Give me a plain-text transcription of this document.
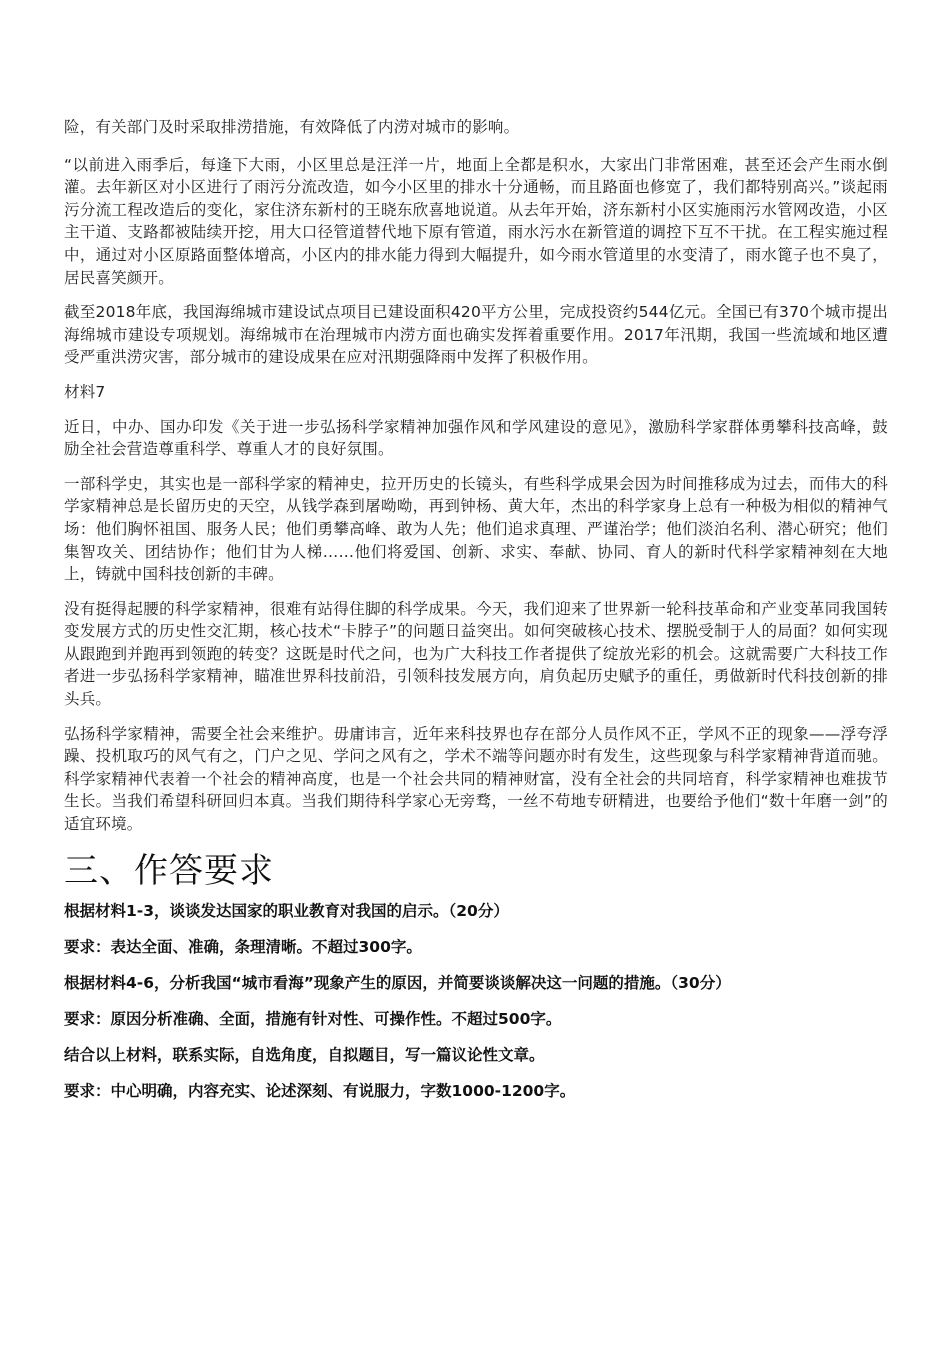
险，有关部门及时采取排涝措施，有效降低了内涝对城市的影响。

“以前进入雨季后，每逢下大雨，小区里总是汪洋一片，地面上全都是积水，大家出门非常困难，甚至还会产生雨水倒灌。去年新区对小区进行了雨污分流改造，如今小区里的排水十分通畅，而且路面也修宽了，我们都特别高兴。”谈起雨污分流工程改造后的变化，家住济东新村的王晓东欣喜地说道。从去年开始，济东新村小区实施雨污水管网改造，小区主干道、支路都被陆续开挖，用大口径管道替代地下原有管道，雨水污水在新管道的调控下互不干扰。在工程实施过程中，通过对小区原路面整体增高，小区内的排水能力得到大幅提升，如今雨水管道里的水变清了，雨水篦子也不臭了，居民喜笑颜开。

截至2018年底，我国海绵城市建设试点项目已建设面积420平方公里，完成投资约544亿元。全国已有370个城市提出海绵城市建设专项规划。海绵城市在治理城市内涝方面也确实发挥着重要作用。2017年汛期，我国一些流域和地区遭受严重洪涝灾害，部分城市的建设成果在应对汛期强降雨中发挥了积极作用。

材料7

近日，中办、国办印发《关于进一步弘扬科学家精神加强作风和学风建设的意见》，激励科学家群体勇攀科技高峰，鼓励全社会营造尊重科学、尊重人才的良好氛围。

一部科学史，其实也是一部科学家的精神史，拉开历史的长镜头，有些科学成果会因为时间推移成为过去，而伟大的科学家精神总是长留历史的天空，从钱学森到屠呦呦，再到钟杨、黄大年，杰出的科学家身上总有一种极为相似的精神气场：他们胸怀祖国、服务人民；他们勇攀高峰、敢为人先；他们追求真理、严谨治学；他们淡泊名利、潜心研究；他们集智攻关、团结协作；他们甘为人梯……他们将爱国、创新、求实、奉献、协同、育人的新时代科学家精神刻在大地上，铸就中国科技创新的丰碑。

没有挺得起腰的科学家精神，很难有站得住脚的科学成果。今天，我们迎来了世界新一轮科技革命和产业变革同我国转变发展方式的历史性交汇期，核心技术“卡脖子”的问题日益突出。如何突破核心技术、摆脱受制于人的局面？如何实现从跟跑到并跑再到领跑的转变？这既是时代之问，也为广大科技工作者提供了绽放光彩的机会。这就需要广大科技工作者进一步弘扬科学家精神，瞄准世界科技前沿，引领科技发展方向，肩负起历史赋予的重任，勇做新时代科技创新的排头兵。

弘扬科学家精神，需要全社会来维护。毋庸讳言，近年来科技界也存在部分人员作风不正，学风不正的现象——浮夸浮躁、投机取巧的风气有之，门户之见、学问之风有之，学术不端等问题亦时有发生，这些现象与科学家精神背道而驰。科学家精神代表着一个社会的精神高度，也是一个社会共同的精神财富，没有全社会的共同培育，科学家精神也难拔节生长。当我们希望科研回归本真。当我们期待科学家心无旁骛，一丝不苟地专研精进，也要给予他们“数十年磨一剑”的适宜环境。

三、作答要求

根据材料1-3，谈谈发达国家的职业教育对我国的启示。（20分）

要求：表达全面、准确，条理清晰。不超过300字。

根据材料4-6，分析我国“城市看海”现象产生的原因，并简要谈谈解决这一问题的措施。（30分）

要求：原因分析准确、全面，措施有针对性、可操作性。不超过500字。

结合以上材料，联系实际，自选角度，自拟题目，写一篇议论性文章。

要求：中心明确，内容充实、论述深刻、有说服力，字数1000-1200字。
